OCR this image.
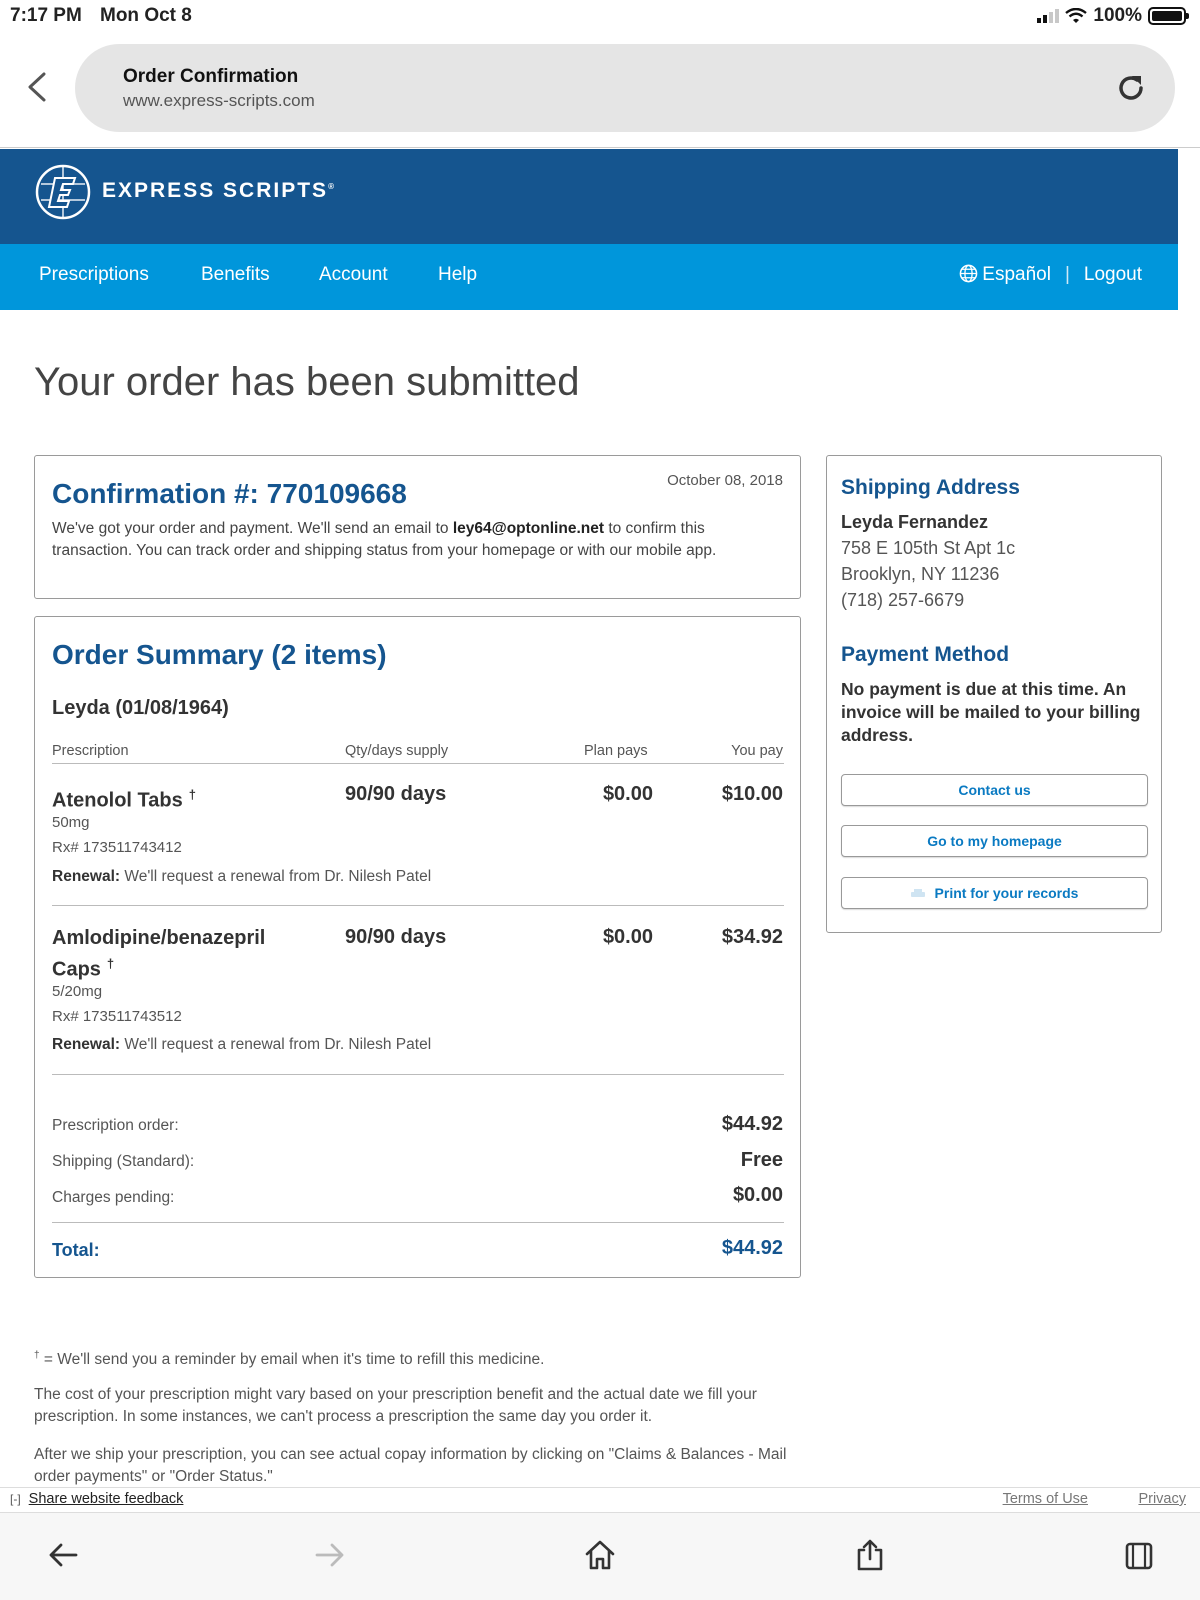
7:17 PM Mon Oct 8	100%
Order Confirmation
www.express-scripts.com
EXPRESS SCRIPTS®
Prescriptions	Benefits	Account	Help	Español | Logout
Your order has been submitted
Confirmation #: 770109668	October 08, 2018
We've got your order and payment. We'll send an email to ley64@optonline.net to confirm this transaction. You can track order and shipping status from your homepage or with our mobile app.
Order Summary (2 items)
Leyda (01/08/1964)
Prescription	Qty/days supply	Plan pays	You pay
Atenolol Tabs †	90/90 days	$0.00	$10.00
50mg
Rx# 173511743412
Renewal: We'll request a renewal from Dr. Nilesh Patel
Amlodipine/benazepril Caps †
90/90 days	$0.00	$34.92
5/20mg
Rx# 173511743512
Renewal: We'll request a renewal from Dr. Nilesh Patel
Prescription order:	$44.92
Shipping (Standard):	Free
Charges pending:	$0.00
Total:	$44.92
Shipping Address
Leyda Fernandez
758 E 105th St Apt 1c
Brooklyn, NY 11236
(718) 257-6679
Payment Method
No payment is due at this time. An invoice will be mailed to your billing address.
Contact us
Go to my homepage
Print for your records
† = We'll send you a reminder by email when it's time to refill this medicine.
The cost of your prescription might vary based on your prescription benefit and the actual date we fill your prescription. In some instances, we can't process a prescription the same day you order it.
After we ship your prescription, you can see actual copay information by clicking on "Claims & Balances - Mail order payments" or "Order Status."
[-] Share website feedback	Terms of Use	Privacy
